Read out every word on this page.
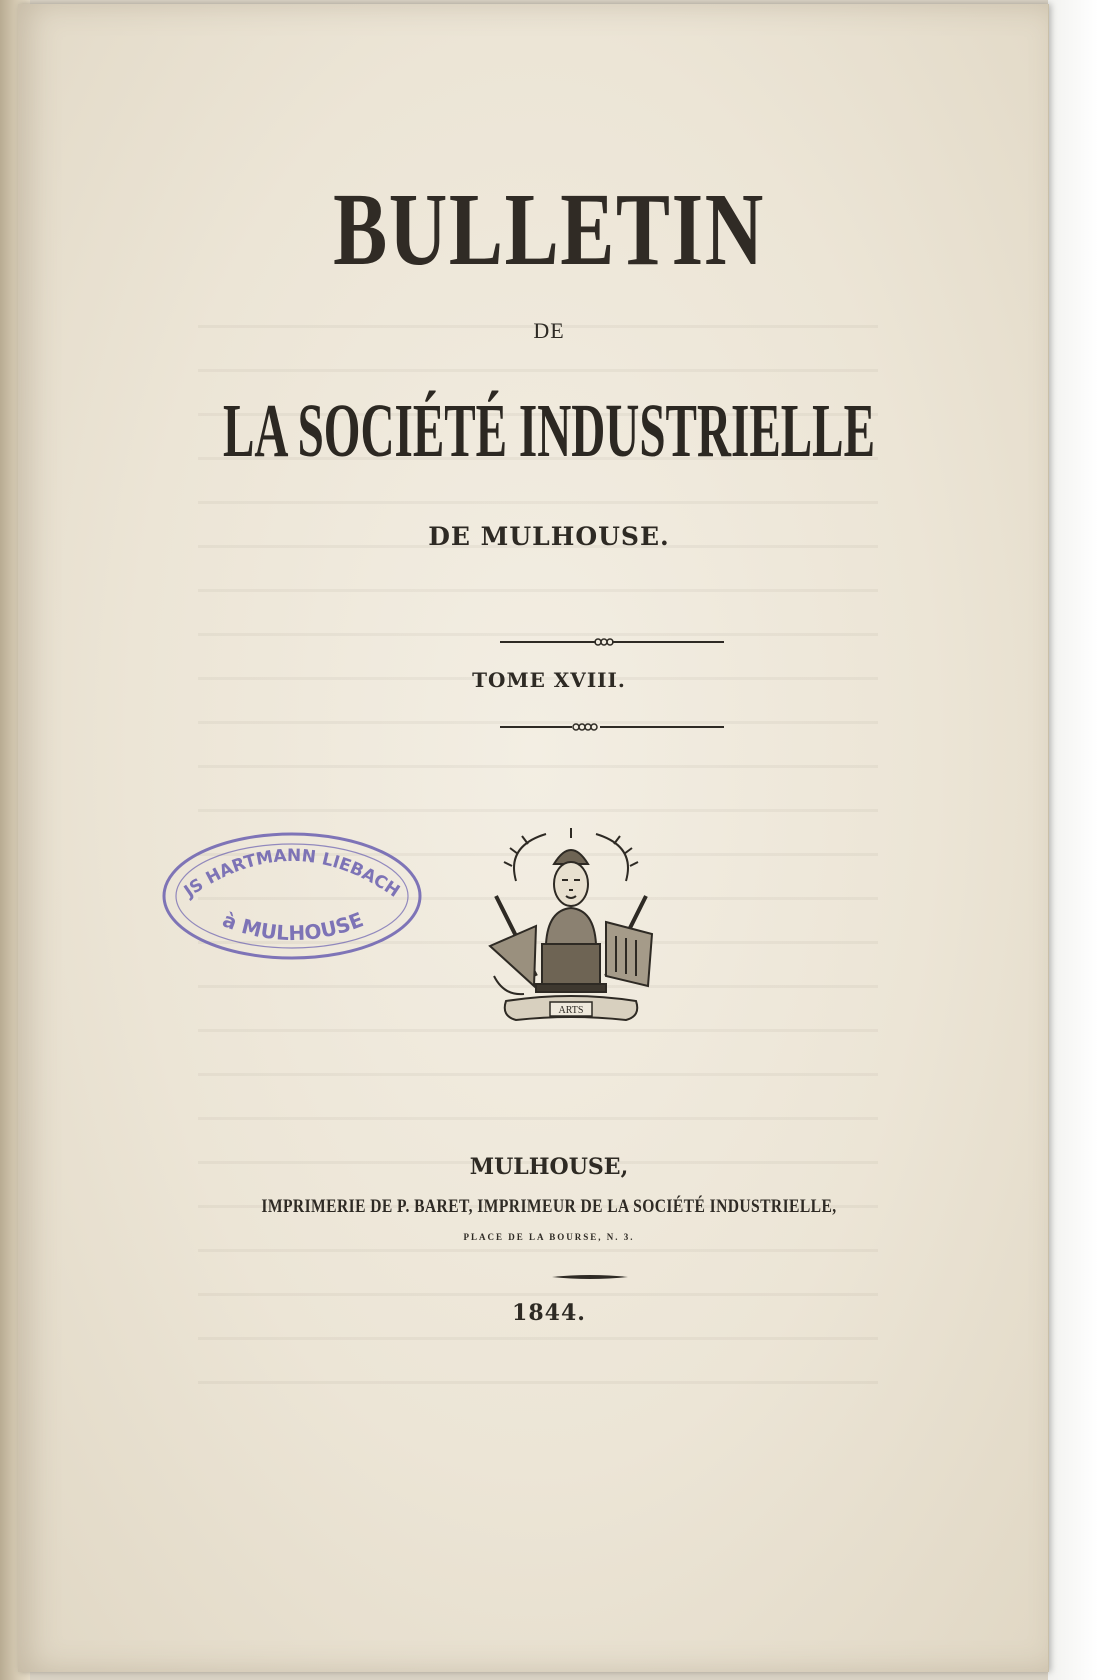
BULLETIN
DE
LA SOCIÉTÉ INDUSTRIELLE
DE MULHOUSE.
TOME XVIII.
JS HARTMANN LIEBACH
à MULHOUSE
ARTS
MULHOUSE,
IMPRIMERIE DE P. BARET, IMPRIMEUR DE LA SOCIÉTÉ INDUSTRIELLE,
PLACE DE LA BOURSE, N. 3.
1844.
